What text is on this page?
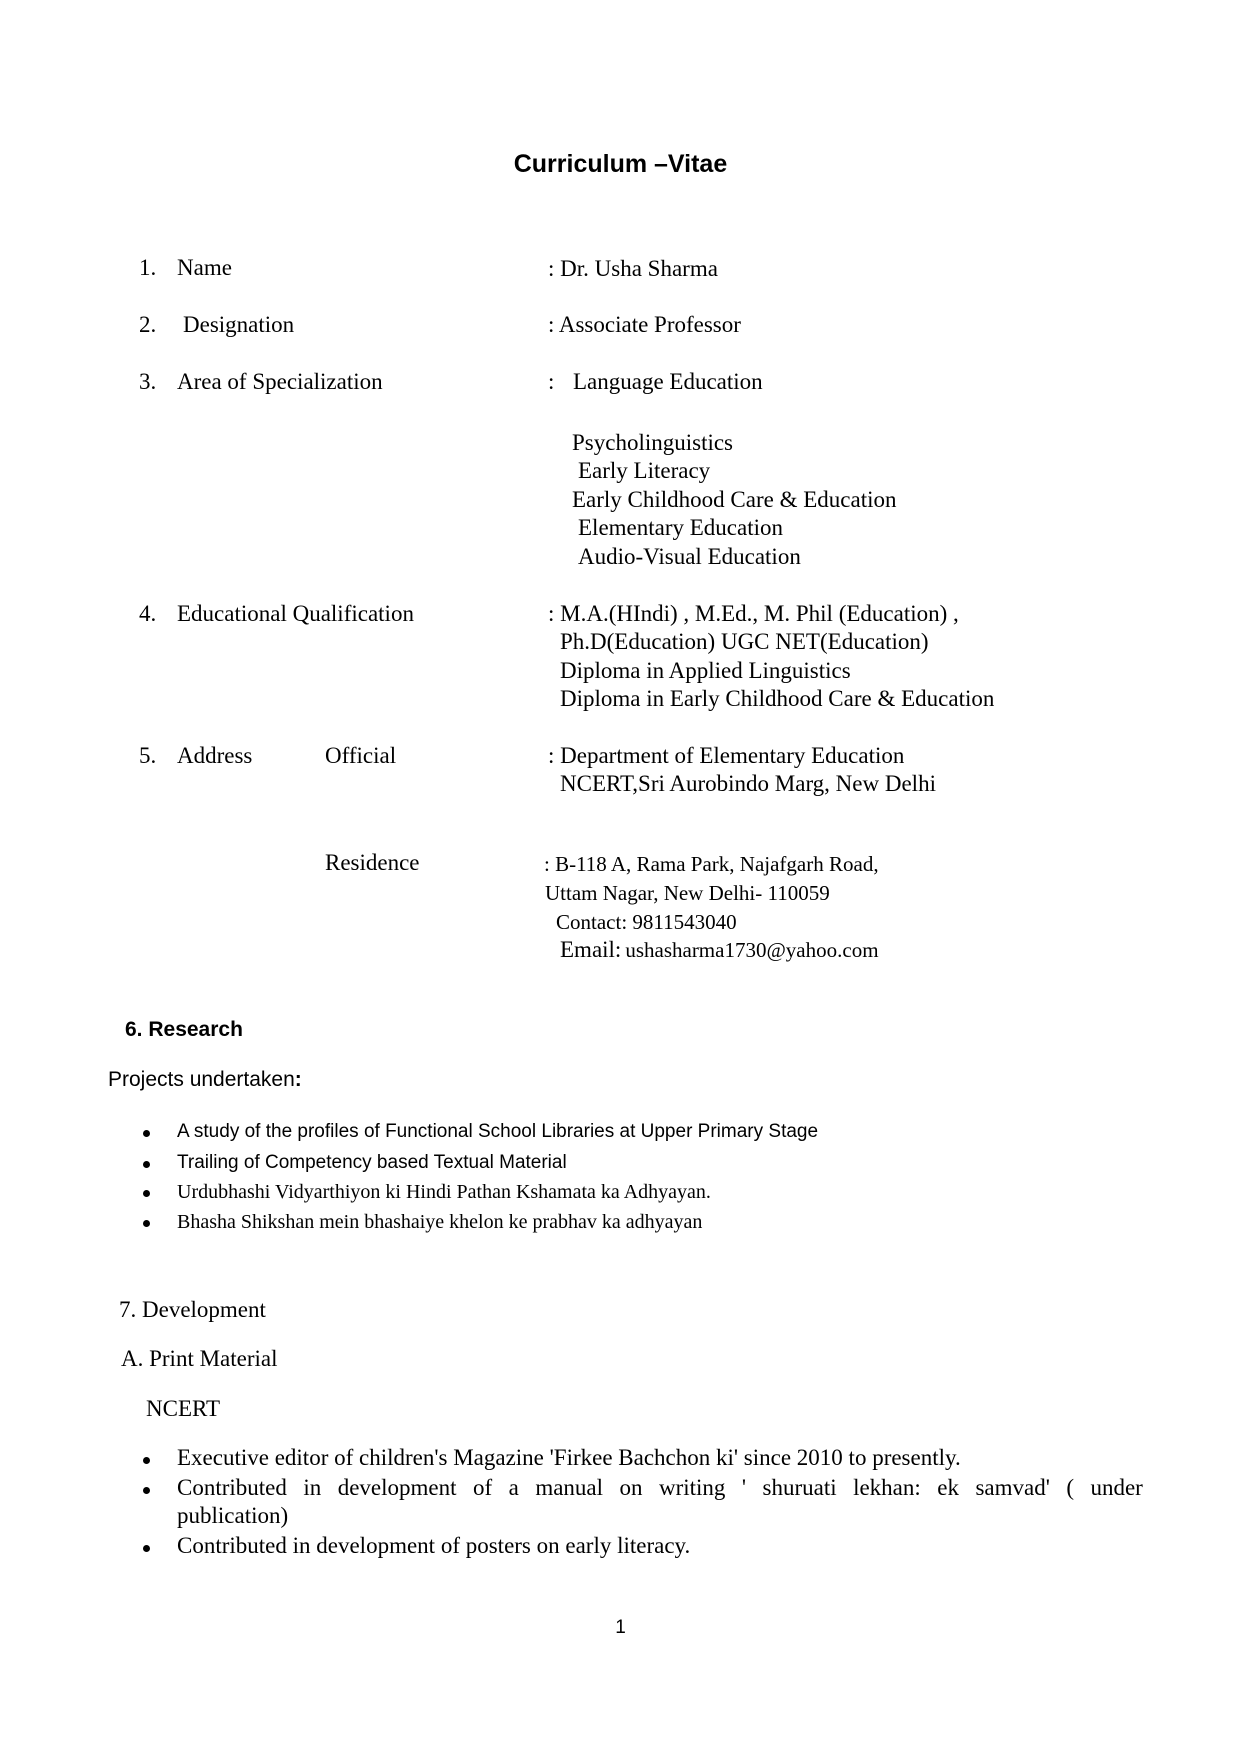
Curriculum –Vitae
1. Name	: Dr. Usha Sharma
2. Designation	: Associate Professor
3. Area of Specialization	: Language Education
Psycholinguistics
Early Literacy
Early Childhood Care & Education
Elementary Education
Audio-Visual Education
4. Educational Qualification	: M.A.(HIndi) , M.Ed., M. Phil (Education) ,
Ph.D(Education) UGC NET(Education)
Diploma in Applied Linguistics
Diploma in Early Childhood Care & Education
5. Address	Official	: Department of Elementary Education
NCERT,Sri Aurobindo Marg, New Delhi
Residence	: B-118 A, Rama Park, Najafgarh Road,
Uttam Nagar, New Delhi- 110059
Contact: 9811543040
Email: ushasharma1730@yahoo.com
6. Research
Projects undertaken:
A study of the profiles of Functional School Libraries at Upper Primary Stage
Trailing of Competency based Textual Material
Urdubhashi Vidyarthiyon ki Hindi Pathan Kshamata ka Adhyayan.
Bhasha Shikshan mein bhashaiye khelon ke prabhav ka adhyayan
7. Development
A. Print Material
NCERT
Executive editor of children's Magazine 'Firkee Bachchon ki' since 2010 to presently.
Contributed in development of a manual on writing ' shuruati lekhan: ek samvad' ( under
publication)
Contributed in development of posters on early literacy.
1
